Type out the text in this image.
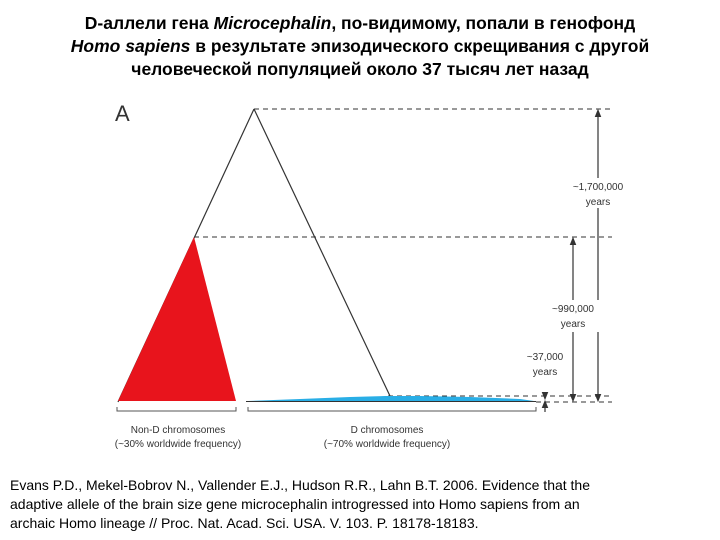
D-аллели гена Microcephalin, по-видимому, попали в генофонд
Homo sapiens в результате эпизодического скрещивания с другой
человеческой популяцией около 37 тысяч лет назад
A
~1,700,000
years
~990,000
years
~37,000
years
Non-D chromosomes
(~30% worldwide frequency)
D chromosomes
(~70% worldwide frequency)

Evans P.D., Mekel-Bobrov N., Vallender E.J., Hudson R.R., Lahn B.T. 2006. Evidence that the
adaptive allele of the brain size gene microcephalin introgressed into Homo sapiens from an
archaic Homo lineage // Proc. Nat. Acad. Sci. USA. V. 103. P. 18178-18183.
